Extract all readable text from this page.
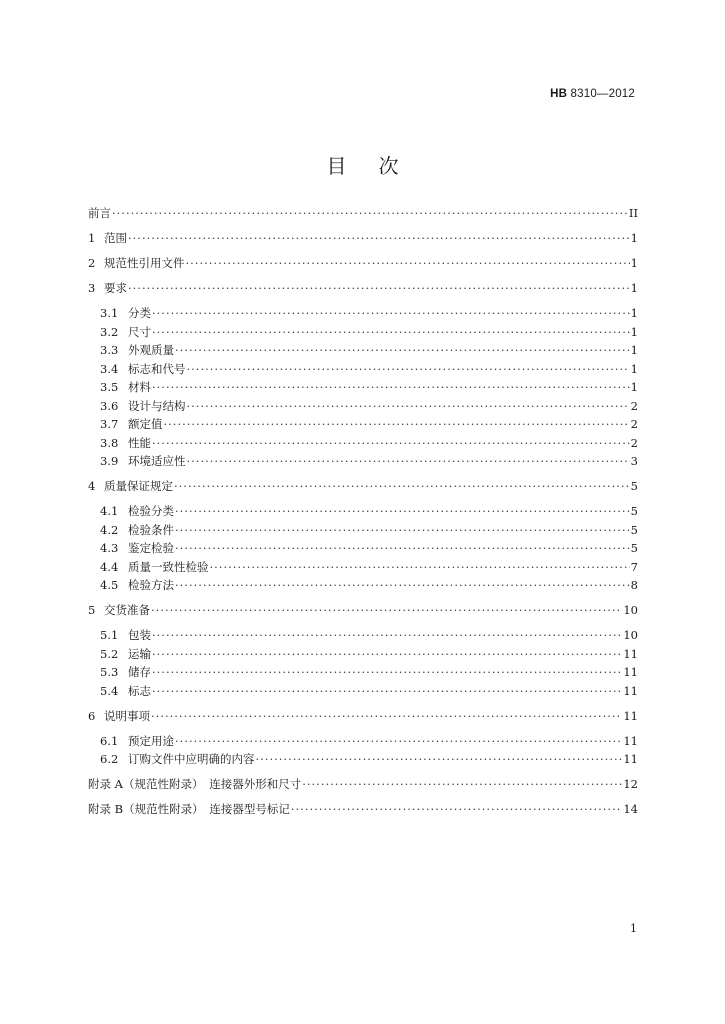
HB 8310—2012
目次
前言 ·····	II
1 范围 ·····	1
2 规范性引用文件 ·····	1
3 要求 ·····	1
3.1 分类 ·····	1
3.2 尺寸 ·····	1
3.3 外观质量 ·····	1
3.4 标志和代号 ·····	1
3.5 材料 ·····	1
3.6 设计与结构 ·····	2
3.7 额定值 ·····	2
3.8 性能 ·····	2
3.9 环境适应性 ·····	3
4 质量保证规定 ·····	5
4.1 检验分类 ·····	5
4.2 检验条件 ·····	5
4.3 鉴定检验 ·····	5
4.4 质量一致性检验 ·····	7
4.5 检验方法 ·····	8
5 交货准备 ·····	10
5.1 包装 ·····	10
5.2 运输 ·····	11
5.3 储存 ·····	11
5.4 标志 ·····	11
6 说明事项 ·····	11
6.1 预定用途 ·····	11
6.2 订购文件中应明确的内容 ·····	11
附录 A（规范性附录）　连接器外形和尺寸 ·····	12
附录 B（规范性附录）　连接器型号标记 ·····	14
1
